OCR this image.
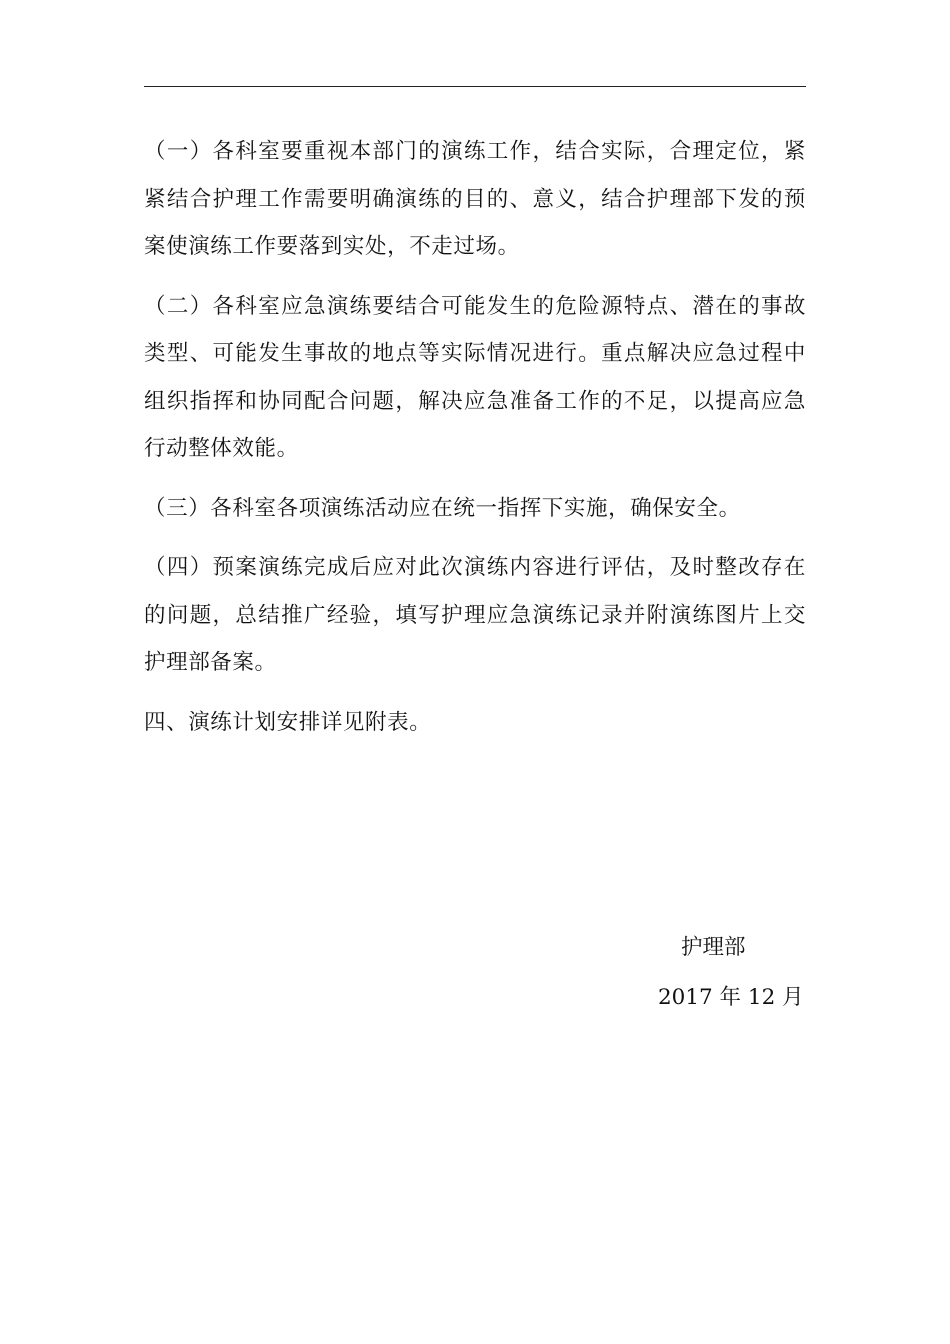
（一）各科室要重视本部门的演练工作，结合实际，合理定位，紧紧结合护理工作需要明确演练的目的、意义，结合护理部下发的预案使演练工作要落到实处，不走过场。

（二）各科室应急演练要结合可能发生的危险源特点、潜在的事故类型、可能发生事故的地点等实际情况进行。重点解决应急过程中组织指挥和协同配合问题，解决应急准备工作的不足，以提高应急行动整体效能。

（三）各科室各项演练活动应在统一指挥下实施，确保安全。

（四）预案演练完成后应对此次演练内容进行评估，及时整改存在的问题，总结推广经验，填写护理应急演练记录并附演练图片上交护理部备案。

四、演练计划安排详见附表。

护理部
2017 年 12 月
